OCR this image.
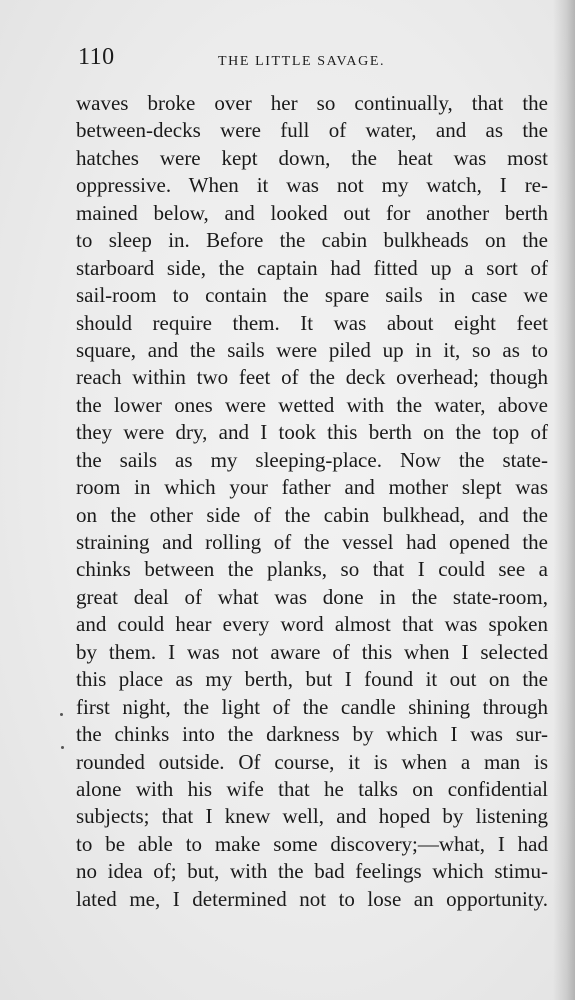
110	THE LITTLE SAVAGE.
waves broke over her so continually, that the
between-decks were full of water, and as the
hatches were kept down, the heat was most
oppressive. When it was not my watch, I re-
mained below, and looked out for another berth
to sleep in. Before the cabin bulkheads on the
starboard side, the captain had fitted up a sort of
sail-room to contain the spare sails in case we
should require them. It was about eight feet
square, and the sails were piled up in it, so as to
reach within two feet of the deck overhead; though
the lower ones were wetted with the water, above
they were dry, and I took this berth on the top of
the sails as my sleeping-place. Now the state-
room in which your father and mother slept was
on the other side of the cabin bulkhead, and the
straining and rolling of the vessel had opened the
chinks between the planks, so that I could see a
great deal of what was done in the state-room,
and could hear every word almost that was spoken
by them. I was not aware of this when I selected
this place as my berth, but I found it out on the
first night, the light of the candle shining through
the chinks into the darkness by which I was sur-
rounded outside. Of course, it is when a man is
alone with his wife that he talks on confidential
subjects; that I knew well, and hoped by listening
to be able to make some discovery;—what, I had
no idea of; but, with the bad feelings which stimu-
lated me, I determined not to lose an opportunity.
